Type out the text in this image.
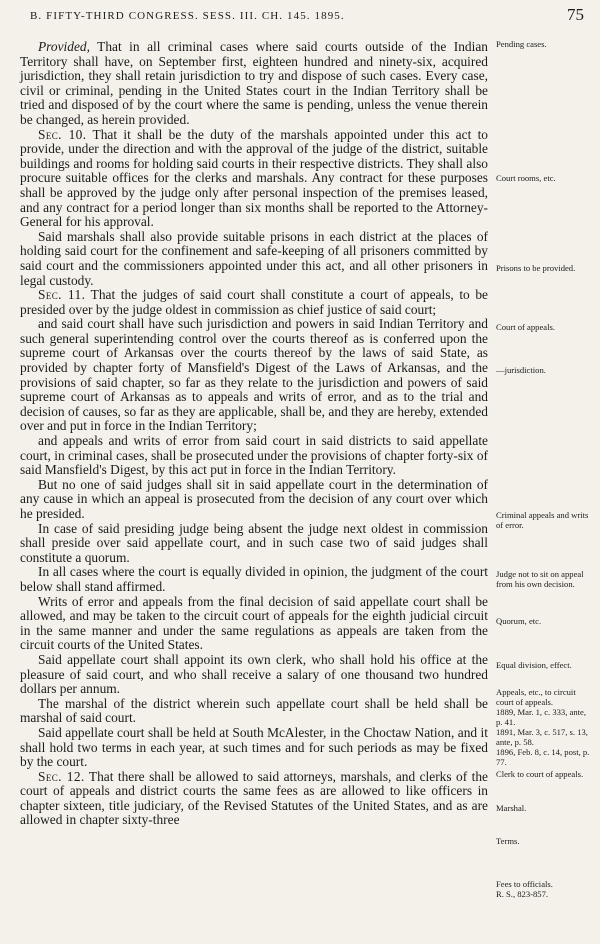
B. FIFTY-THIRD CONGRESS. SESS. III. CH. 145. 1895.	75

Provided, That in all criminal cases where said courts outside of the Indian Territory shall have, on September first, eighteen hundred and ninety-six, acquired jurisdiction, they shall retain jurisdiction to try and dispose of such cases. Every case, civil or criminal, pending in the United States court in the Indian Territory shall be tried and disposed of by the court where the same is pending, unless the venue therein be changed, as herein provided.

Sec. 10. That it shall be the duty of the marshals appointed under this act to provide, under the direction and with the approval of the judge of the district, suitable buildings and rooms for holding said courts in their respective districts. They shall also procure suitable offices for the clerks and marshals. Any contract for these purposes shall be approved by the judge only after personal inspection of the premises leased, and any contract for a period longer than six months shall be reported to the Attorney-General for his approval.

Said marshals shall also provide suitable prisons in each district at the places of holding said court for the confinement and safe-keeping of all prisoners committed by said court and the commissioners appointed under this act, and all other prisoners in legal custody.

Sec. 11. That the judges of said court shall constitute a court of appeals, to be presided over by the judge oldest in commission as chief justice of said court;

and said court shall have such jurisdiction and powers in said Indian Territory and such general superintending control over the courts thereof as is conferred upon the supreme court of Arkansas over the courts thereof by the laws of said State, as provided by chapter forty of Mansfield's Digest of the Laws of Arkansas, and the provisions of said chapter, so far as they relate to the jurisdiction and powers of said supreme court of Arkansas as to appeals and writs of error, and as to the trial and decision of causes, so far as they are applicable, shall be, and they are hereby, extended over and put in force in the Indian Territory;

and appeals and writs of error from said court in said districts to said appellate court, in criminal cases, shall be prosecuted under the provisions of chapter forty-six of said Mansfield's Digest, by this act put in force in the Indian Territory.

But no one of said judges shall sit in said appellate court in the determination of any cause in which an appeal is prosecuted from the decision of any court over which he presided.

In case of said presiding judge being absent the judge next oldest in commission shall preside over said appellate court, and in such case two of said judges shall constitute a quorum.

In all cases where the court is equally divided in opinion, the judgment of the court below shall stand affirmed.

Writs of error and appeals from the final decision of said appellate court shall be allowed, and may be taken to the circuit court of appeals for the eighth judicial circuit in the same manner and under the same regulations as appeals are taken from the circuit courts of the United States.

Said appellate court shall appoint its own clerk, who shall hold his office at the pleasure of said court, and who shall receive a salary of one thousand two hundred dollars per annum.

The marshal of the district wherein such appellate court shall be held shall be marshal of said court.

Said appellate court shall be held at South McAlester, in the Choctaw Nation, and it shall hold two terms in each year, at such times and for such periods as may be fixed by the court.

Sec. 12. That there shall be allowed to said attorneys, marshals, and clerks of the court of appeals and district courts the same fees as are allowed to like officers in chapter sixteen, title judiciary, of the Revised Statutes of the United States, and as are allowed in chapter sixty-three

Pending cases.
Court rooms, etc.
Prisons to be provided.
Court of appeals.
—jurisdiction.
Criminal appeals and writs of error.
Judge not to sit on appeal from his own decision.
Quorum, etc.
Equal division, effect.
Appeals, etc., to circuit court of appeals.
1889, Mar. 1, c. 333, ante, p. 41.
1891, Mar. 3, c. 517, s. 13, ante, p. 58.
1896, Feb. 8, c. 14, post, p. 77.
Clerk to court of appeals.
Marshal.
Terms.
Fees to officials.
R. S., 823-857.
